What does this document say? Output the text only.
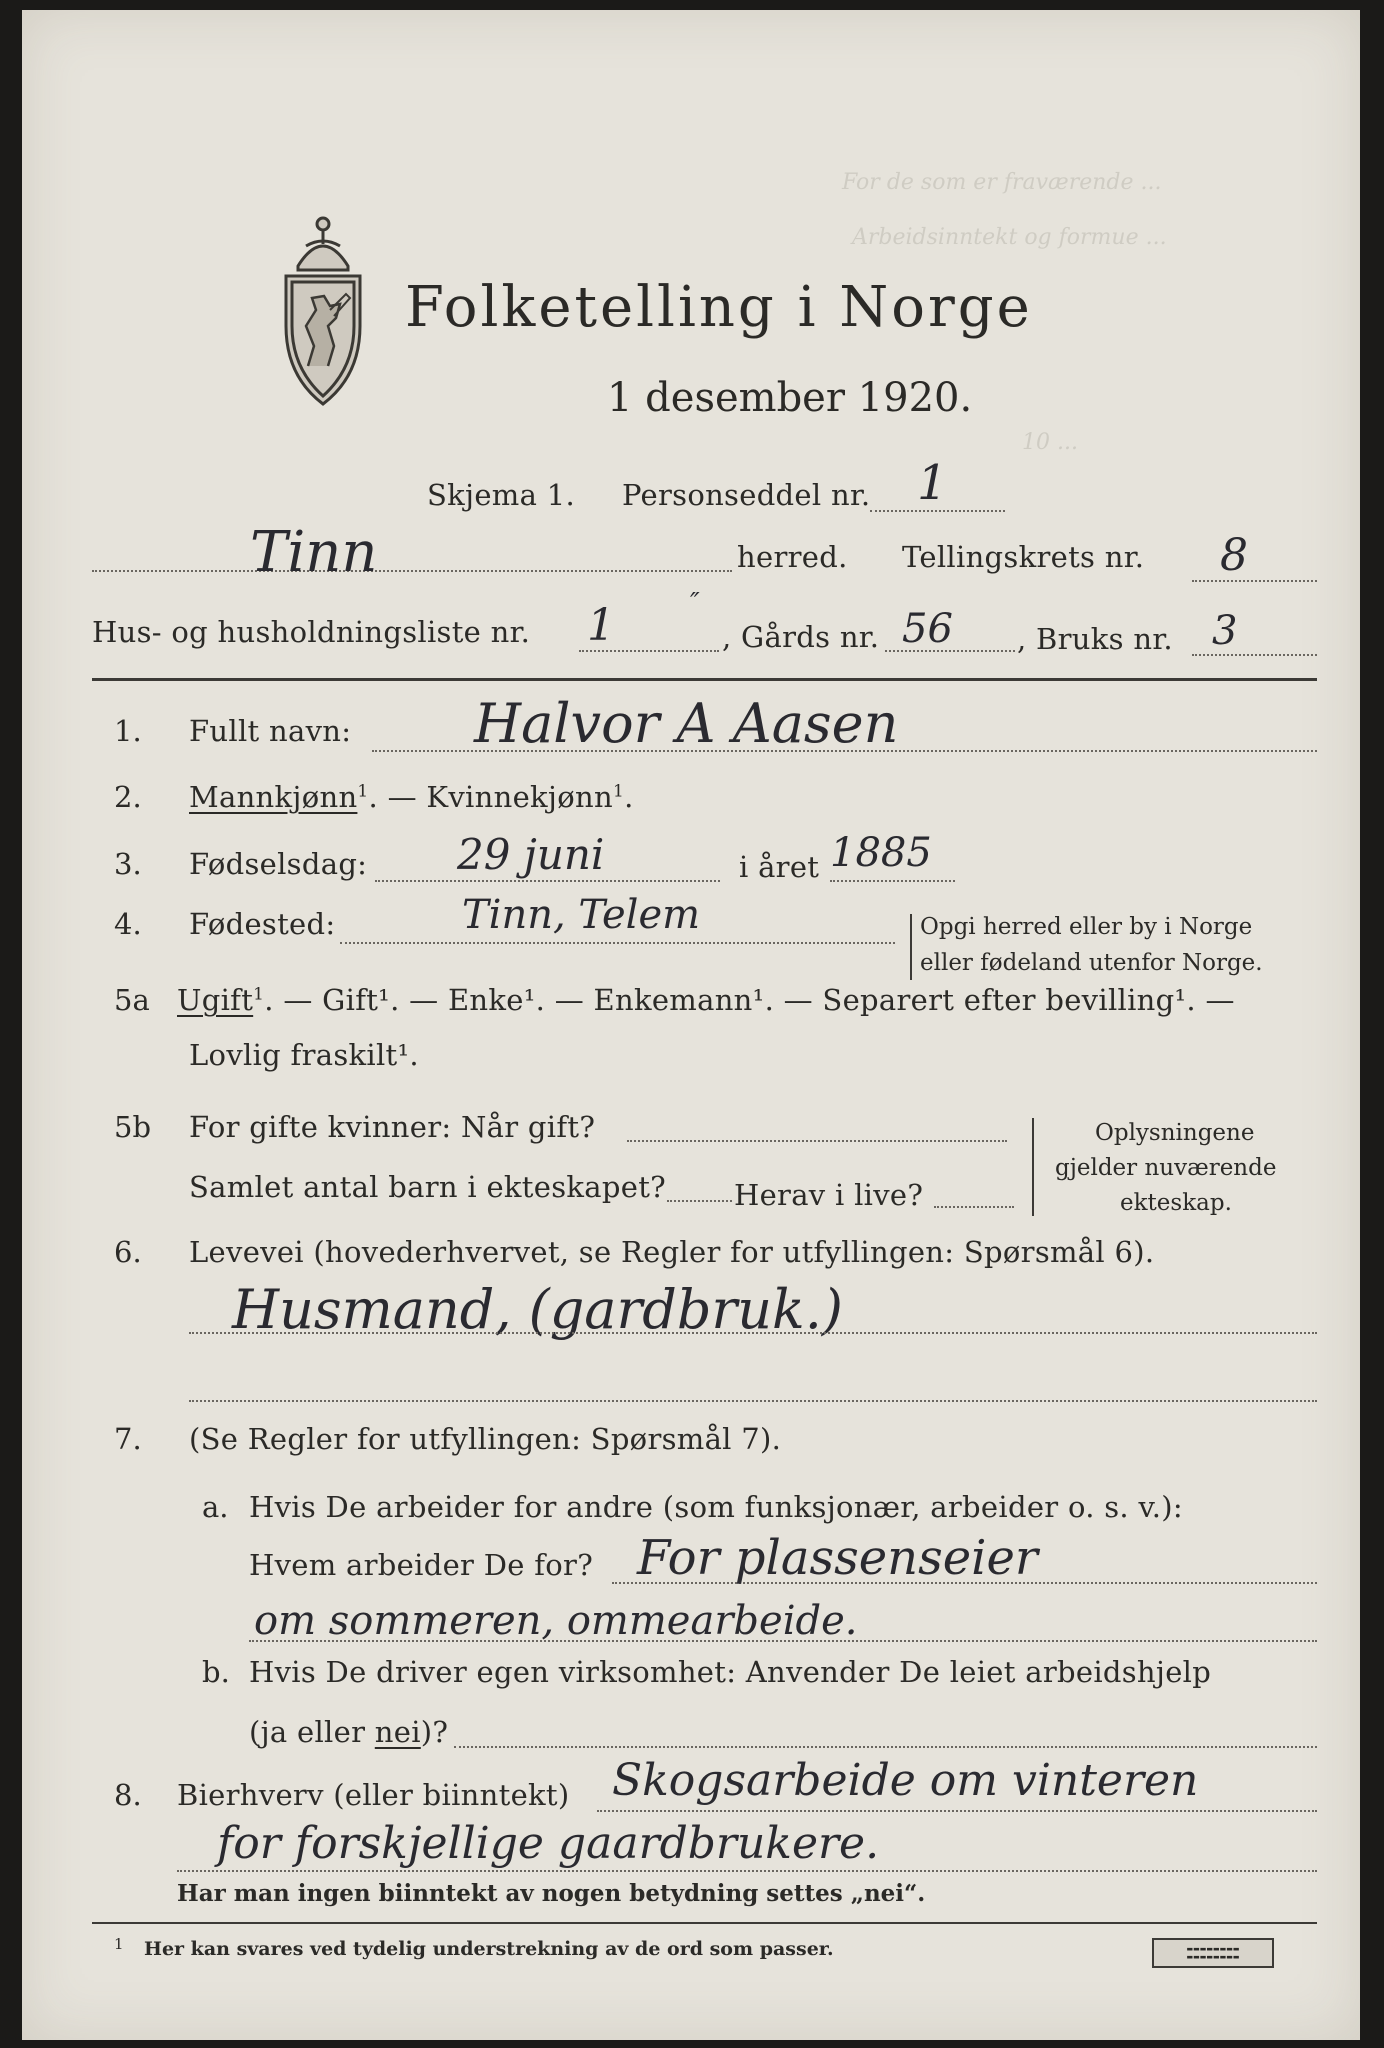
For de som er fraværende ...
Arbeidsinntekt og formue ...
10 ...
Folketelling i Norge
1 desember 1920.
Skjema 1. Personseddel nr. 1
Tinn	herred. Tellingskrets nr. 8
Hus- og husholdningsliste nr. 1	″
, Gårds nr. 56 , Bruks nr. 3
1. Fullt navn: Halvor A Aasen
2. Mannkjønn$^1$. — Kvinnekjønn$^1$.
3. Fødselsdag: 29 juni	i året 1885
4. Fødested:	Tinn, Telem	Opgi herred eller by i Norge
eller fødeland utenfor Norge.
5a Ugift$^1$. — Gift¹. — Enke¹. — Enkemann¹. — Separert efter bevilling¹. —
Lovlig fraskilt¹.
5b For gifte kvinner: Når gift?
Samlet antal barn i ekteskapet? Herav i live?
Oplysningene
gjelder nuværende
ekteskap.
6. Levevei (hovederhvervet, se Regler for utfyllingen: Spørsmål 6).
Husmand, (gardbruk.)
7. (Se Regler for utfyllingen: Spørsmål 7).
a. Hvis De arbeider for andre (som funksjonær, arbeider o. s. v.):
Hvem arbeider De for? For plassenseier
om sommeren, ommearbeide.
b. Hvis De driver egen virksomhet: Anvender De leiet arbeidshjelp
(ja eller nei)?
8. Bierhverv (eller biinntekt) Skogsarbeide om vinteren
for forskjellige gaardbrukere.
Har man ingen biinntekt av nogen betydning settes „nei“.
1 Her kan svares ved tydelig understrekning av de ord som passer.	▬▬▬▬▬▬▬▬
▬▬▬▬▬▬▬▬
